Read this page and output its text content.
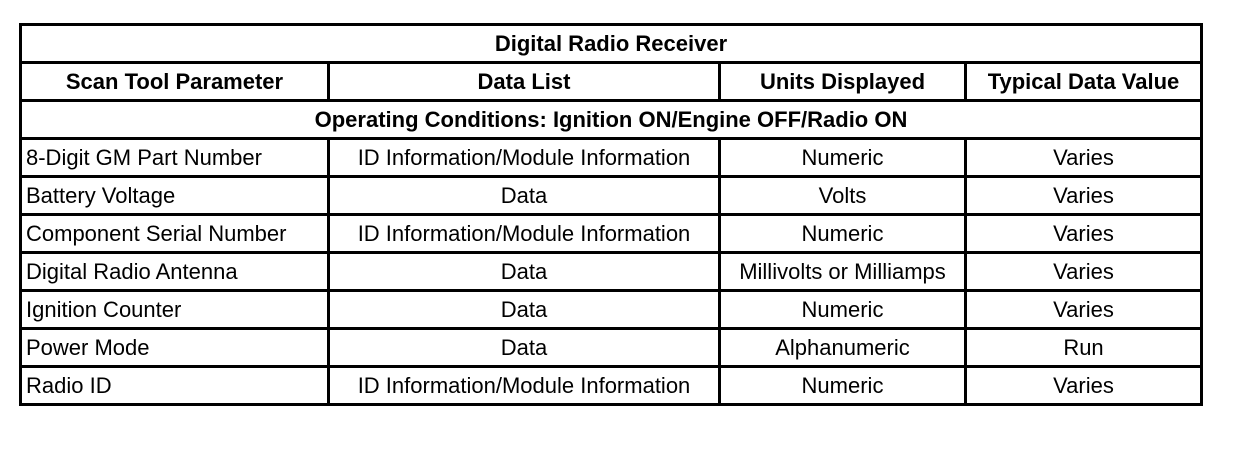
Digital Radio Receiver			
Scan Tool Parameter	Data List	Units Displayed	Typical Data Value
Operating Conditions: Ignition ON/Engine OFF/Radio ON			
8-Digit GM Part Number	ID Information/Module Information	Numeric	Varies
Battery Voltage	Data	Volts	Varies
Component Serial Number	ID Information/Module Information	Numeric	Varies
Digital Radio Antenna	Data	Millivolts or Milliamps	Varies
Ignition Counter	Data	Numeric	Varies
Power Mode	Data	Alphanumeric	Run
Radio ID	ID Information/Module Information	Numeric	Varies
